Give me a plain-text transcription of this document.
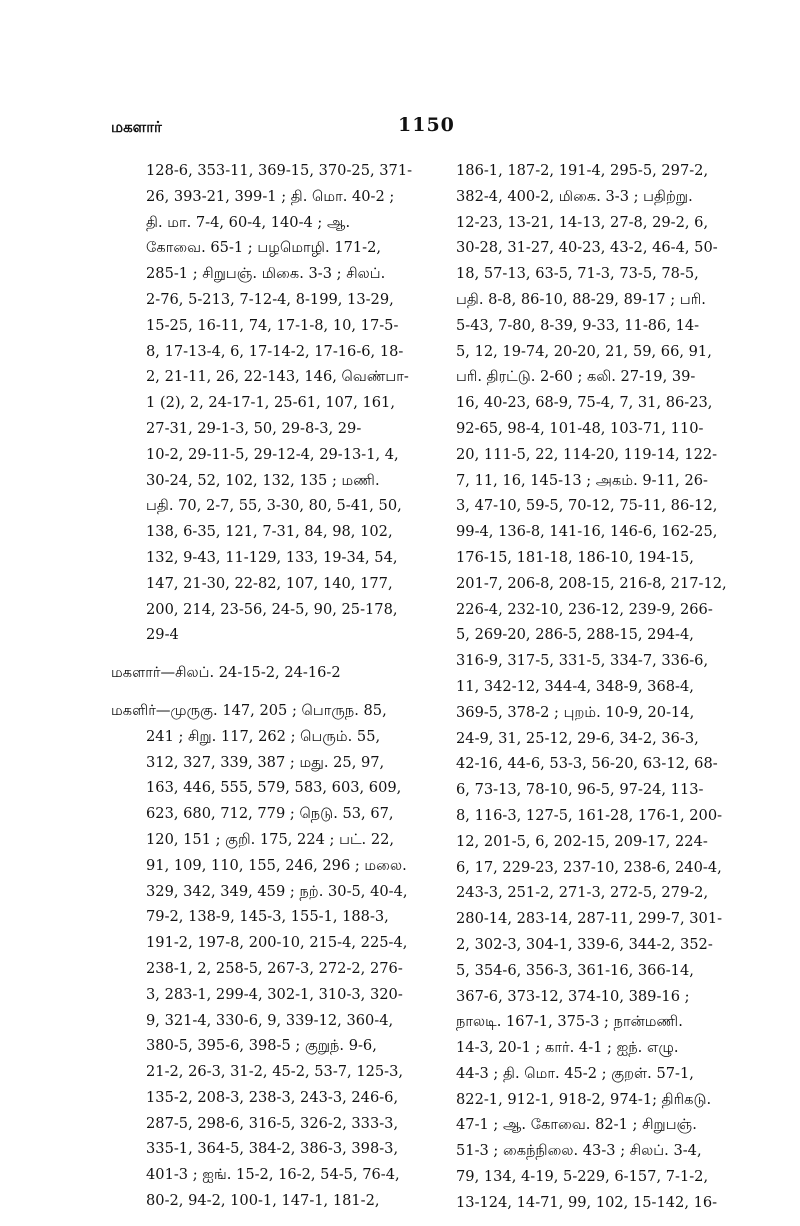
மகளார்	1150
128-6, 353-11, 369-15, 370-25, 371-
26, 393-21, 399-1 ; தி. மொ. 40-2 ;
தி. மா. 7-4, 60-4, 140-4 ; ஆ.
கோவை. 65-1 ; பழமொழி. 171-2,
285-1 ; சிறுபஞ். மிகை. 3-3 ; சிலப்.
2-76, 5-213, 7-12-4, 8-199, 13-29,
15-25, 16-11, 74, 17-1-8, 10, 17-5-
8, 17-13-4, 6, 17-14-2, 17-16-6, 18-
2, 21-11, 26, 22-143, 146, வெண்பா-
1 (2), 2, 24-17-1, 25-61, 107, 161,
27-31, 29-1-3, 50, 29-8-3, 29-
10-2, 29-11-5, 29-12-4, 29-13-1, 4,
30-24, 52, 102, 132, 135 ; மணி.
பதி. 70, 2-7, 55, 3-30, 80, 5-41, 50,
138, 6-35, 121, 7-31, 84, 98, 102,
132, 9-43, 11-129, 133, 19-34, 54,
147, 21-30, 22-82, 107, 140, 177,
200, 214, 23-56, 24-5, 90, 25-178,
29-4
மகளார்—சிலப். 24-15-2, 24-16-2
மகளிர்—முருகு. 147, 205 ; பொருந. 85,
241 ; சிறு. 117, 262 ; பெரும். 55,
312, 327, 339, 387 ; மது. 25, 97,
163, 446, 555, 579, 583, 603, 609,
623, 680, 712, 779 ; நெடு. 53, 67,
120, 151 ; குறி. 175, 224 ; பட். 22,
91, 109, 110, 155, 246, 296 ; மலை.
329, 342, 349, 459 ; நற். 30-5, 40-4,
79-2, 138-9, 145-3, 155-1, 188-3,
191-2, 197-8, 200-10, 215-4, 225-4,
238-1, 2, 258-5, 267-3, 272-2, 276-
3, 283-1, 299-4, 302-1, 310-3, 320-
9, 321-4, 330-6, 9, 339-12, 360-4,
380-5, 395-6, 398-5 ; குறுந். 9-6,
21-2, 26-3, 31-2, 45-2, 53-7, 125-3,
135-2, 208-3, 238-3, 243-3, 246-6,
287-5, 298-6, 316-5, 326-2, 333-3,
335-1, 364-5, 384-2, 386-3, 398-3,
401-3 ; ஐங். 15-2, 16-2, 54-5, 76-4,
80-2, 94-2, 100-1, 147-1, 181-2,
186-1, 187-2, 191-4, 295-5, 297-2,
382-4, 400-2, மிகை. 3-3 ; பதிற்று.
12-23, 13-21, 14-13, 27-8, 29-2, 6,
30-28, 31-27, 40-23, 43-2, 46-4, 50-
18, 57-13, 63-5, 71-3, 73-5, 78-5,
பதி. 8-8, 86-10, 88-29, 89-17 ; பரி.
5-43, 7-80, 8-39, 9-33, 11-86, 14-
5, 12, 19-74, 20-20, 21, 59, 66, 91,
பரி. திரட்டு. 2-60 ; கலி. 27-19, 39-
16, 40-23, 68-9, 75-4, 7, 31, 86-23,
92-65, 98-4, 101-48, 103-71, 110-
20, 111-5, 22, 114-20, 119-14, 122-
7, 11, 16, 145-13 ; அகம். 9-11, 26-
3, 47-10, 59-5, 70-12, 75-11, 86-12,
99-4, 136-8, 141-16, 146-6, 162-25,
176-15, 181-18, 186-10, 194-15,
201-7, 206-8, 208-15, 216-8, 217-12,
226-4, 232-10, 236-12, 239-9, 266-
5, 269-20, 286-5, 288-15, 294-4,
316-9, 317-5, 331-5, 334-7, 336-6,
11, 342-12, 344-4, 348-9, 368-4,
369-5, 378-2 ; புறம். 10-9, 20-14,
24-9, 31, 25-12, 29-6, 34-2, 36-3,
42-16, 44-6, 53-3, 56-20, 63-12, 68-
6, 73-13, 78-10, 96-5, 97-24, 113-
8, 116-3, 127-5, 161-28, 176-1, 200-
12, 201-5, 6, 202-15, 209-17, 224-
6, 17, 229-23, 237-10, 238-6, 240-4,
243-3, 251-2, 271-3, 272-5, 279-2,
280-14, 283-14, 287-11, 299-7, 301-
2, 302-3, 304-1, 339-6, 344-2, 352-
5, 354-6, 356-3, 361-16, 366-14,
367-6, 373-12, 374-10, 389-16 ;
நாலடி. 167-1, 375-3 ; நான்மணி.
14-3, 20-1 ; கார். 4-1 ; ஐந். எழு.
44-3 ; தி. மொ. 45-2 ; குறள். 57-1,
822-1, 912-1, 918-2, 974-1; திரிகடு.
47-1 ; ஆ. கோவை. 82-1 ; சிறுபஞ்.
51-3 ; கைந்நிலை. 43-3 ; சிலப். 3-4,
79, 134, 4-19, 5-229, 6-157, 7-1-2,
13-124, 14-71, 99, 102, 15-142, 16-
